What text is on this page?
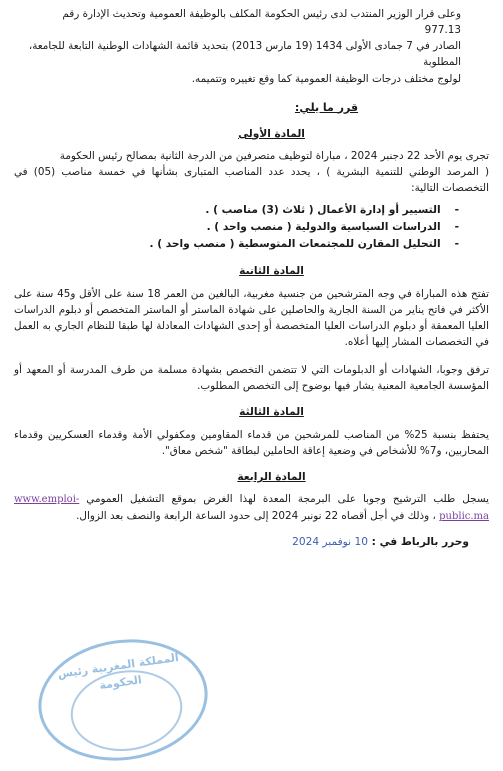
وعلى قرار الوزير المنتدب لدى رئيس الحكومة المكلف بالوظيفة العمومية وتحديث الإدارة رقم 977.13

الصادر في 7 جمادى الأولى 1434 (19 مارس 2013) بتحديد قائمة الشهادات الوطنية التابعة للجامعة، المطلوبة

لولوج مختلف درجات الوظيفة العمومية كما وقع تغييره وتتميمه.

قرر ما يلي:
المادة الأولى

تجرى يوم الأحد 22 دجنبر 2024 ، مباراة لتوظيف متصرفين من الدرجة الثانية بمصالح رئيس الحكومة

( المرصد الوطني للتنمية البشرية ) ، يحدد عدد المناصب المتبارى بشأنها في خمسة مناصب (05) في التخصصات التالية:

- التسيير أو إدارة الأعمال ( ثلاث (3) مناصب ) .
- الدراسات السياسية والدولية ( منصب واحد ) .
- التحليل المقارن للمجتمعات المتوسطية ( منصب واحد ) .
المادة الثانية

تفتح هذه المباراة في وجه المترشحين من جنسية مغربية، البالغين من العمر 18 سنة على الأقل و45 سنة على الأكثر في فاتح يناير من السنة الجارية والحاصلين على شهادة الماستر أو الماستر المتخصص أو دبلوم الدراسات العليا المعمقة أو دبلوم الدراسات العليا المتخصصة أو إحدى الشهادات المعادلة لها طبقا للنظام الجاري به العمل في التخصصات المشار إليها أعلاه.

ترفق وجوبا، الشهادات أو الدبلومات التي لا تتضمن التخصص بشهادة مسلمة من طرف المدرسة أو المعهد أو المؤسسة الجامعية المعنية يشار فيها بوضوح إلى التخصص المطلوب.

المادة الثالثة

يحتفظ بنسبة 25% من المناصب للمرشحين من قدماء المقاومين ومكفولي الأمة وقدماء العسكريين وقدماء المحاربين، و7% للأشخاص في وضعية إعاقة الحاملين لبطاقة "شخص معاق".

المادة الرابعة

يسجل طلب الترشيح وجوبا على البرمجة المعدة لهذا الغرض بموقع التشغيل العمومي www.emploi-public.ma ، وذلك في أجل أقصاه 22 نونبر 2024 إلى حدود الساعة الرابعة والنصف بعد الزوال.

وحرر بالرباط في : 10 نوفمبر 2024
المملكة المغربية رئيس الحكومة
